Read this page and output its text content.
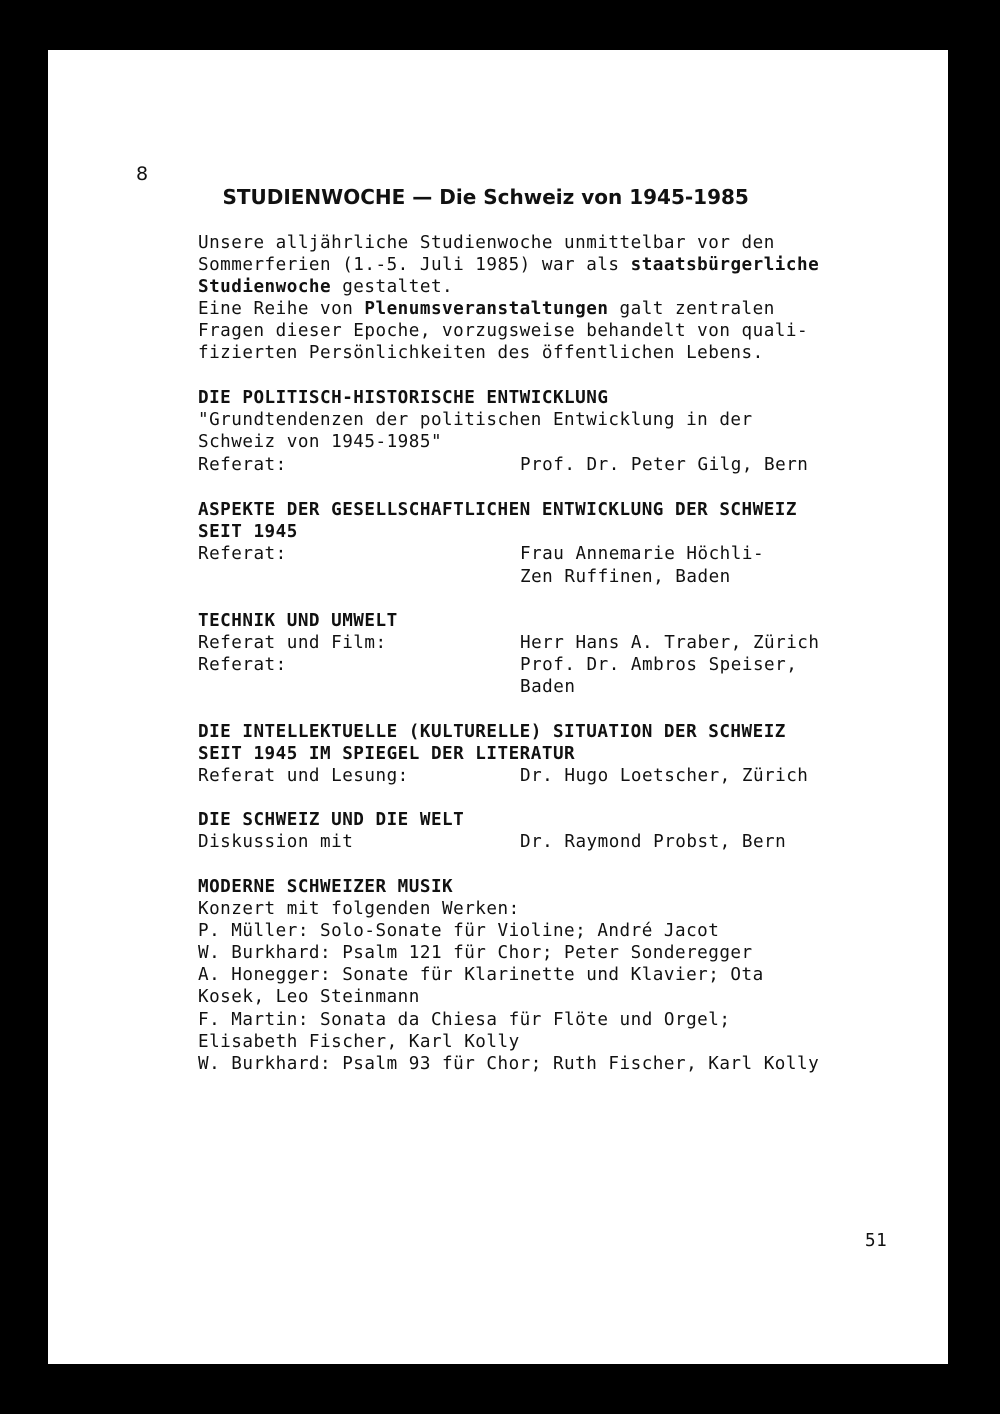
8

STUDIENWOCHE — Die Schweiz von 1945-1985

Unsere alljährliche Studienwoche unmittelbar vor den
Sommerferien (1.-5. Juli 1985) war als staatsbürgerliche
Studienwoche gestaltet.
Eine Reihe von Plenumsveranstaltungen galt zentralen
Fragen dieser Epoche, vorzugsweise behandelt von quali-
fizierten Persönlichkeiten des öffentlichen Lebens.
DIE POLITISCH-HISTORISCHE ENTWICKLUNG
"Grundtendenzen der politischen Entwicklung in der
Schweiz von 1945-1985"
Referat:	Prof. Dr. Peter Gilg, Bern
ASPEKTE DER GESELLSCHAFTLICHEN ENTWICKLUNG DER SCHWEIZ
SEIT 1945
Referat:	Frau Annemarie Höchli-
Zen Ruffinen, Baden
TECHNIK UND UMWELT
Referat und Film:	Herr Hans A. Traber, Zürich
Referat:	Prof. Dr. Ambros Speiser,
Baden
DIE INTELLEKTUELLE (KULTURELLE) SITUATION DER SCHWEIZ
SEIT 1945 IM SPIEGEL DER LITERATUR
Referat und Lesung:	Dr. Hugo Loetscher, Zürich
DIE SCHWEIZ UND DIE WELT
Diskussion mit	Dr. Raymond Probst, Bern
MODERNE SCHWEIZER MUSIK
Konzert mit folgenden Werken:
P. Müller: Solo-Sonate für Violine; André Jacot
W. Burkhard: Psalm 121 für Chor; Peter Sonderegger
A. Honegger: Sonate für Klarinette und Klavier; Ota
Kosek, Leo Steinmann
F. Martin: Sonata da Chiesa für Flöte und Orgel;
Elisabeth Fischer, Karl Kolly
W. Burkhard: Psalm 93 für Chor; Ruth Fischer, Karl Kolly
51
